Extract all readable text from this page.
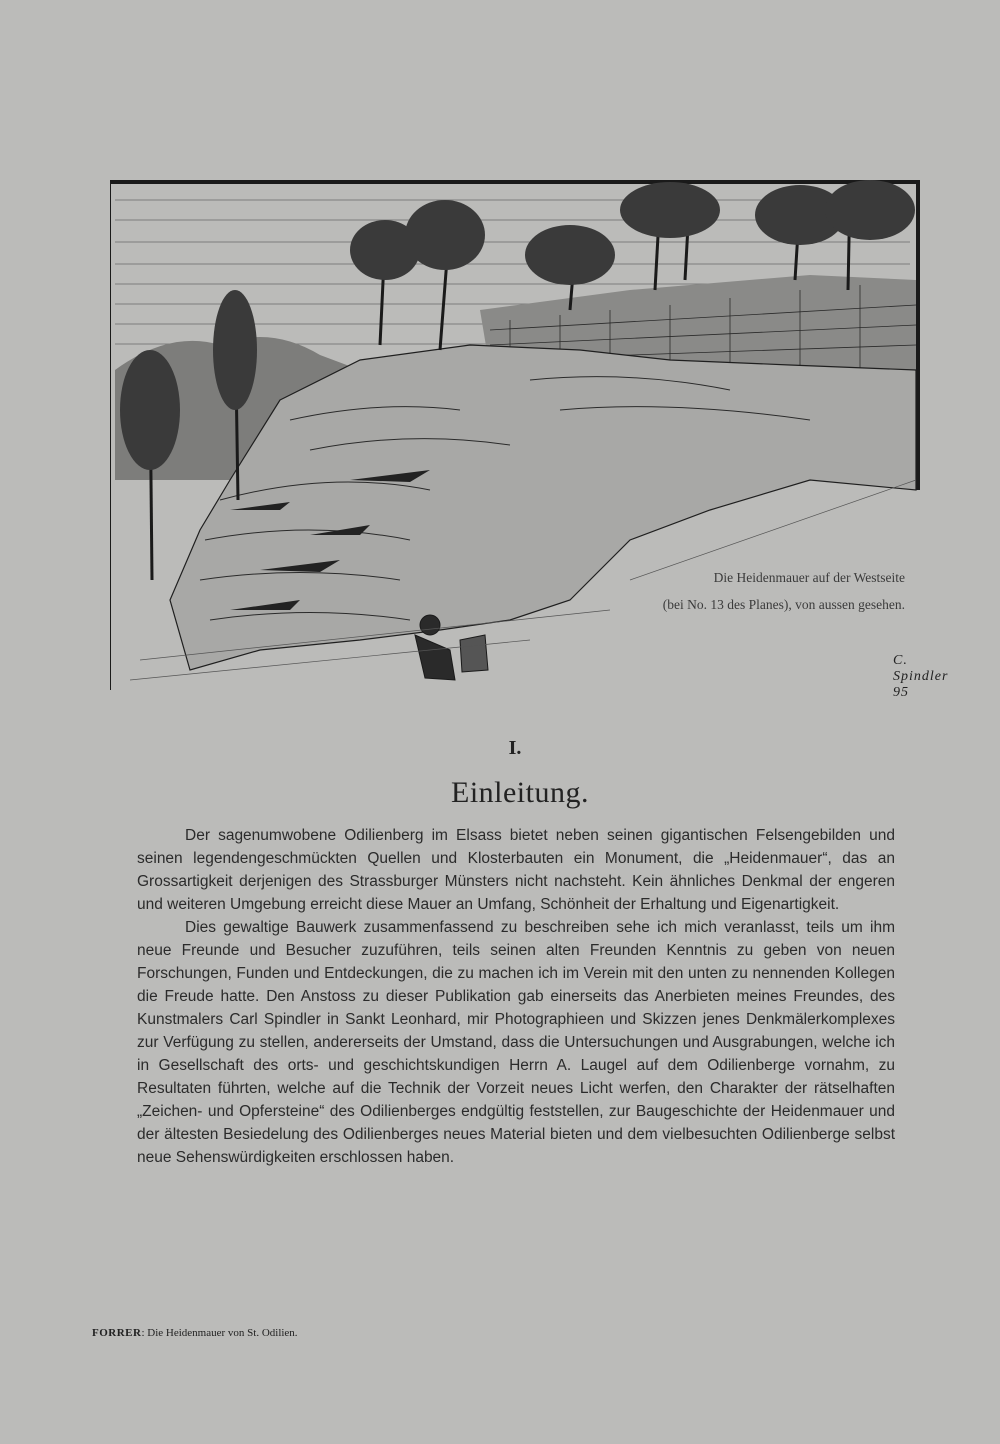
C. Spindler 95
Die Heidenmauer auf der Westseite
(bei No. 13 des Planes), von aussen gesehen.
I.
Einleitung.

Der sagenumwobene Odilienberg im Elsass bietet neben seinen gigantischen Felsengebilden und seinen legendengeschmückten Quellen und Klosterbauten ein Monument, die „Heidenmauer“, das an Grossartigkeit derjenigen des Strassburger Münsters nicht nachsteht. Kein ähnliches Denkmal der engeren und weiteren Umgebung erreicht diese Mauer an Umfang, Schönheit der Erhaltung und Eigenartigkeit.

Dies gewaltige Bauwerk zusammenfassend zu beschreiben sehe ich mich veranlasst, teils um ihm neue Freunde und Besucher zuzuführen, teils seinen alten Freunden Kenntnis zu geben von neuen Forschungen, Funden und Entdeckungen, die zu machen ich im Verein mit den unten zu nennenden Kollegen die Freude hatte. Den Anstoss zu dieser Publikation gab einerseits das Anerbieten meines Freundes, des Kunstmalers Carl Spindler in Sankt Leonhard, mir Photographieen und Skizzen jenes Denkmälerkomplexes zur Verfügung zu stellen, andererseits der Umstand, dass die Untersuchungen und Ausgrabungen, welche ich in Gesellschaft des orts- und geschichtskundigen Herrn A. Laugel auf dem Odilienberge vornahm, zu Resultaten führten, welche auf die Technik der Vorzeit neues Licht werfen, den Charakter der rätselhaften „Zeichen- und Opfersteine“ des Odilienberges endgültig feststellen, zur Baugeschichte der Heidenmauer und der ältesten Besiedelung des Odilienberges neues Material bieten und dem vielbesuchten Odilienberge selbst neue Sehenswürdigkeiten erschlossen haben.

FORRER: Die Heidenmauer von St. Odilien.
